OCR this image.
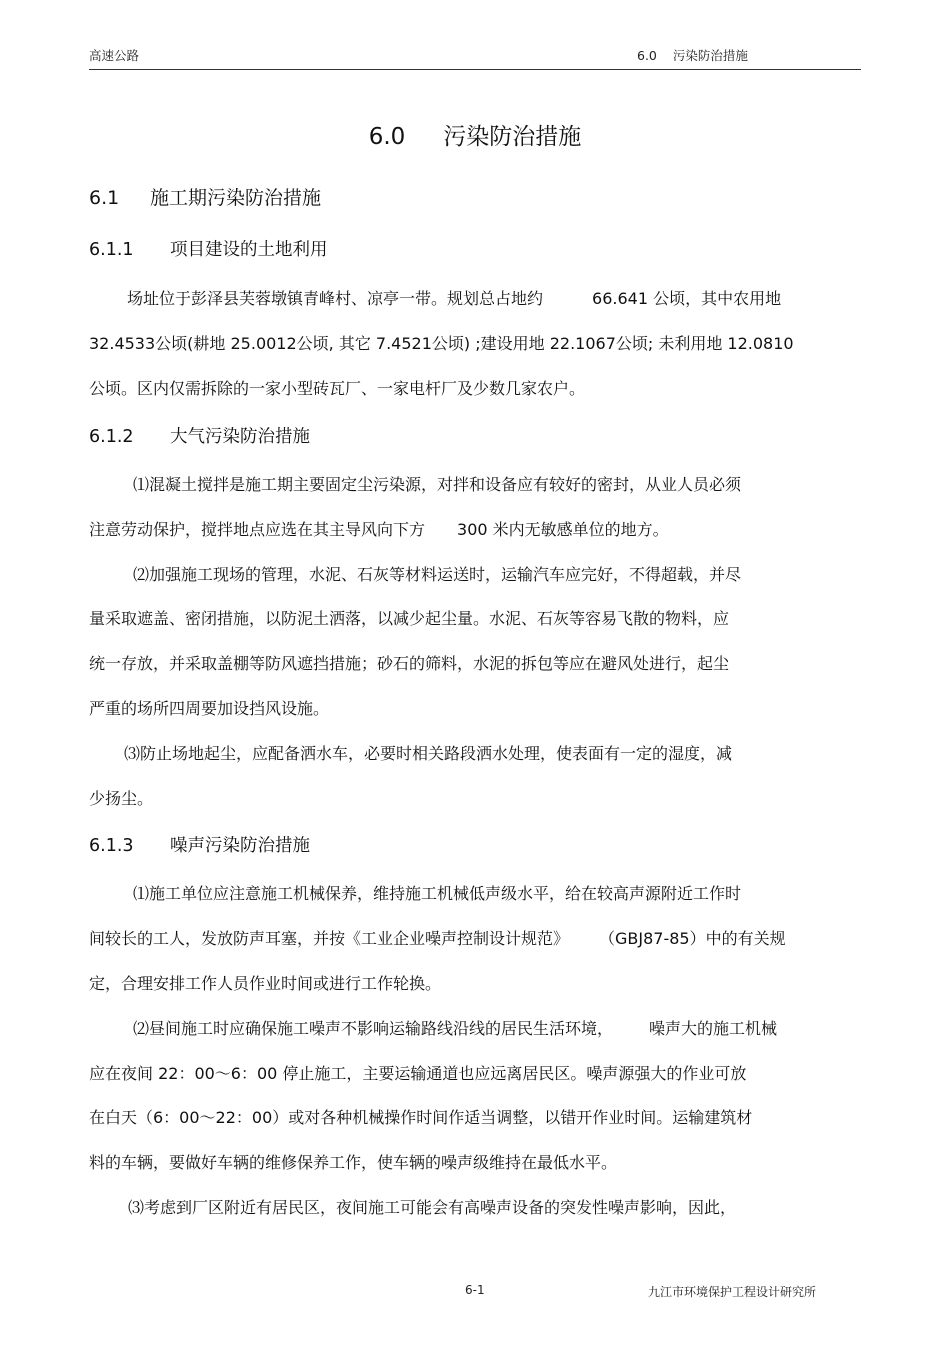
高速公路	6.0 污染防治措施
6.0 污染防治措施
6.1 施工期污染防治措施
6.1.1 项目建设的土地利用
场址位于彭泽县芙蓉墩镇青峰村、凉亭一带。规划总占地约	66.641 公顷，其中农用地
32.4533公顷(耕地 25.0012公顷, 其它 7.4521公顷) ;建设用地 22.1067公顷; 未利用地 12.0810
公顷。区内仅需拆除的一家小型砖瓦厂、一家电杆厂及少数几家农户。
6.1.2 大气污染防治措施
⑴混凝土搅拌是施工期主要固定尘污染源，对拌和设备应有较好的密封，从业人员必须
注意劳动保护，搅拌地点应选在其主导风向下方 300 米内无敏感单位的地方。
⑵加强施工现场的管理，水泥、石灰等材料运送时，运输汽车应完好，不得超载，并尽
量采取遮盖、密闭措施，以防泥土洒落，以减少起尘量。水泥、石灰等容易飞散的物料，应
统一存放，并采取盖棚等防风遮挡措施；砂石的筛料，水泥的拆包等应在避风处进行，起尘
严重的场所四周要加设挡风设施。
⑶防止场地起尘，应配备洒水车，必要时相关路段洒水处理，使表面有一定的湿度，减
少扬尘。
6.1.3 噪声污染防治措施
⑴施工单位应注意施工机械保养，维持施工机械低声级水平，给在较高声源附近工作时
间较长的工人，发放防声耳塞，并按《工业企业噪声控制设计规范》 （GBJ87-85）中的有关规
定，合理安排工作人员作业时间或进行工作轮换。
⑵昼间施工时应确保施工噪声不影响运输路线沿线的居民生活环境， 噪声大的施工机械
应在夜间 22：00～6：00 停止施工，主要运输通道也应远离居民区。噪声源强大的作业可放
在白天（6：00～22：00）或对各种机械操作时间作适当调整，以错开作业时间。运输建筑材
料的车辆，要做好车辆的维修保养工作，使车辆的噪声级维持在最低水平。
⑶考虑到厂区附近有居民区，夜间施工可能会有高噪声设备的突发性噪声影响，因此，
6-1	九江市环境保护工程设计研究所
